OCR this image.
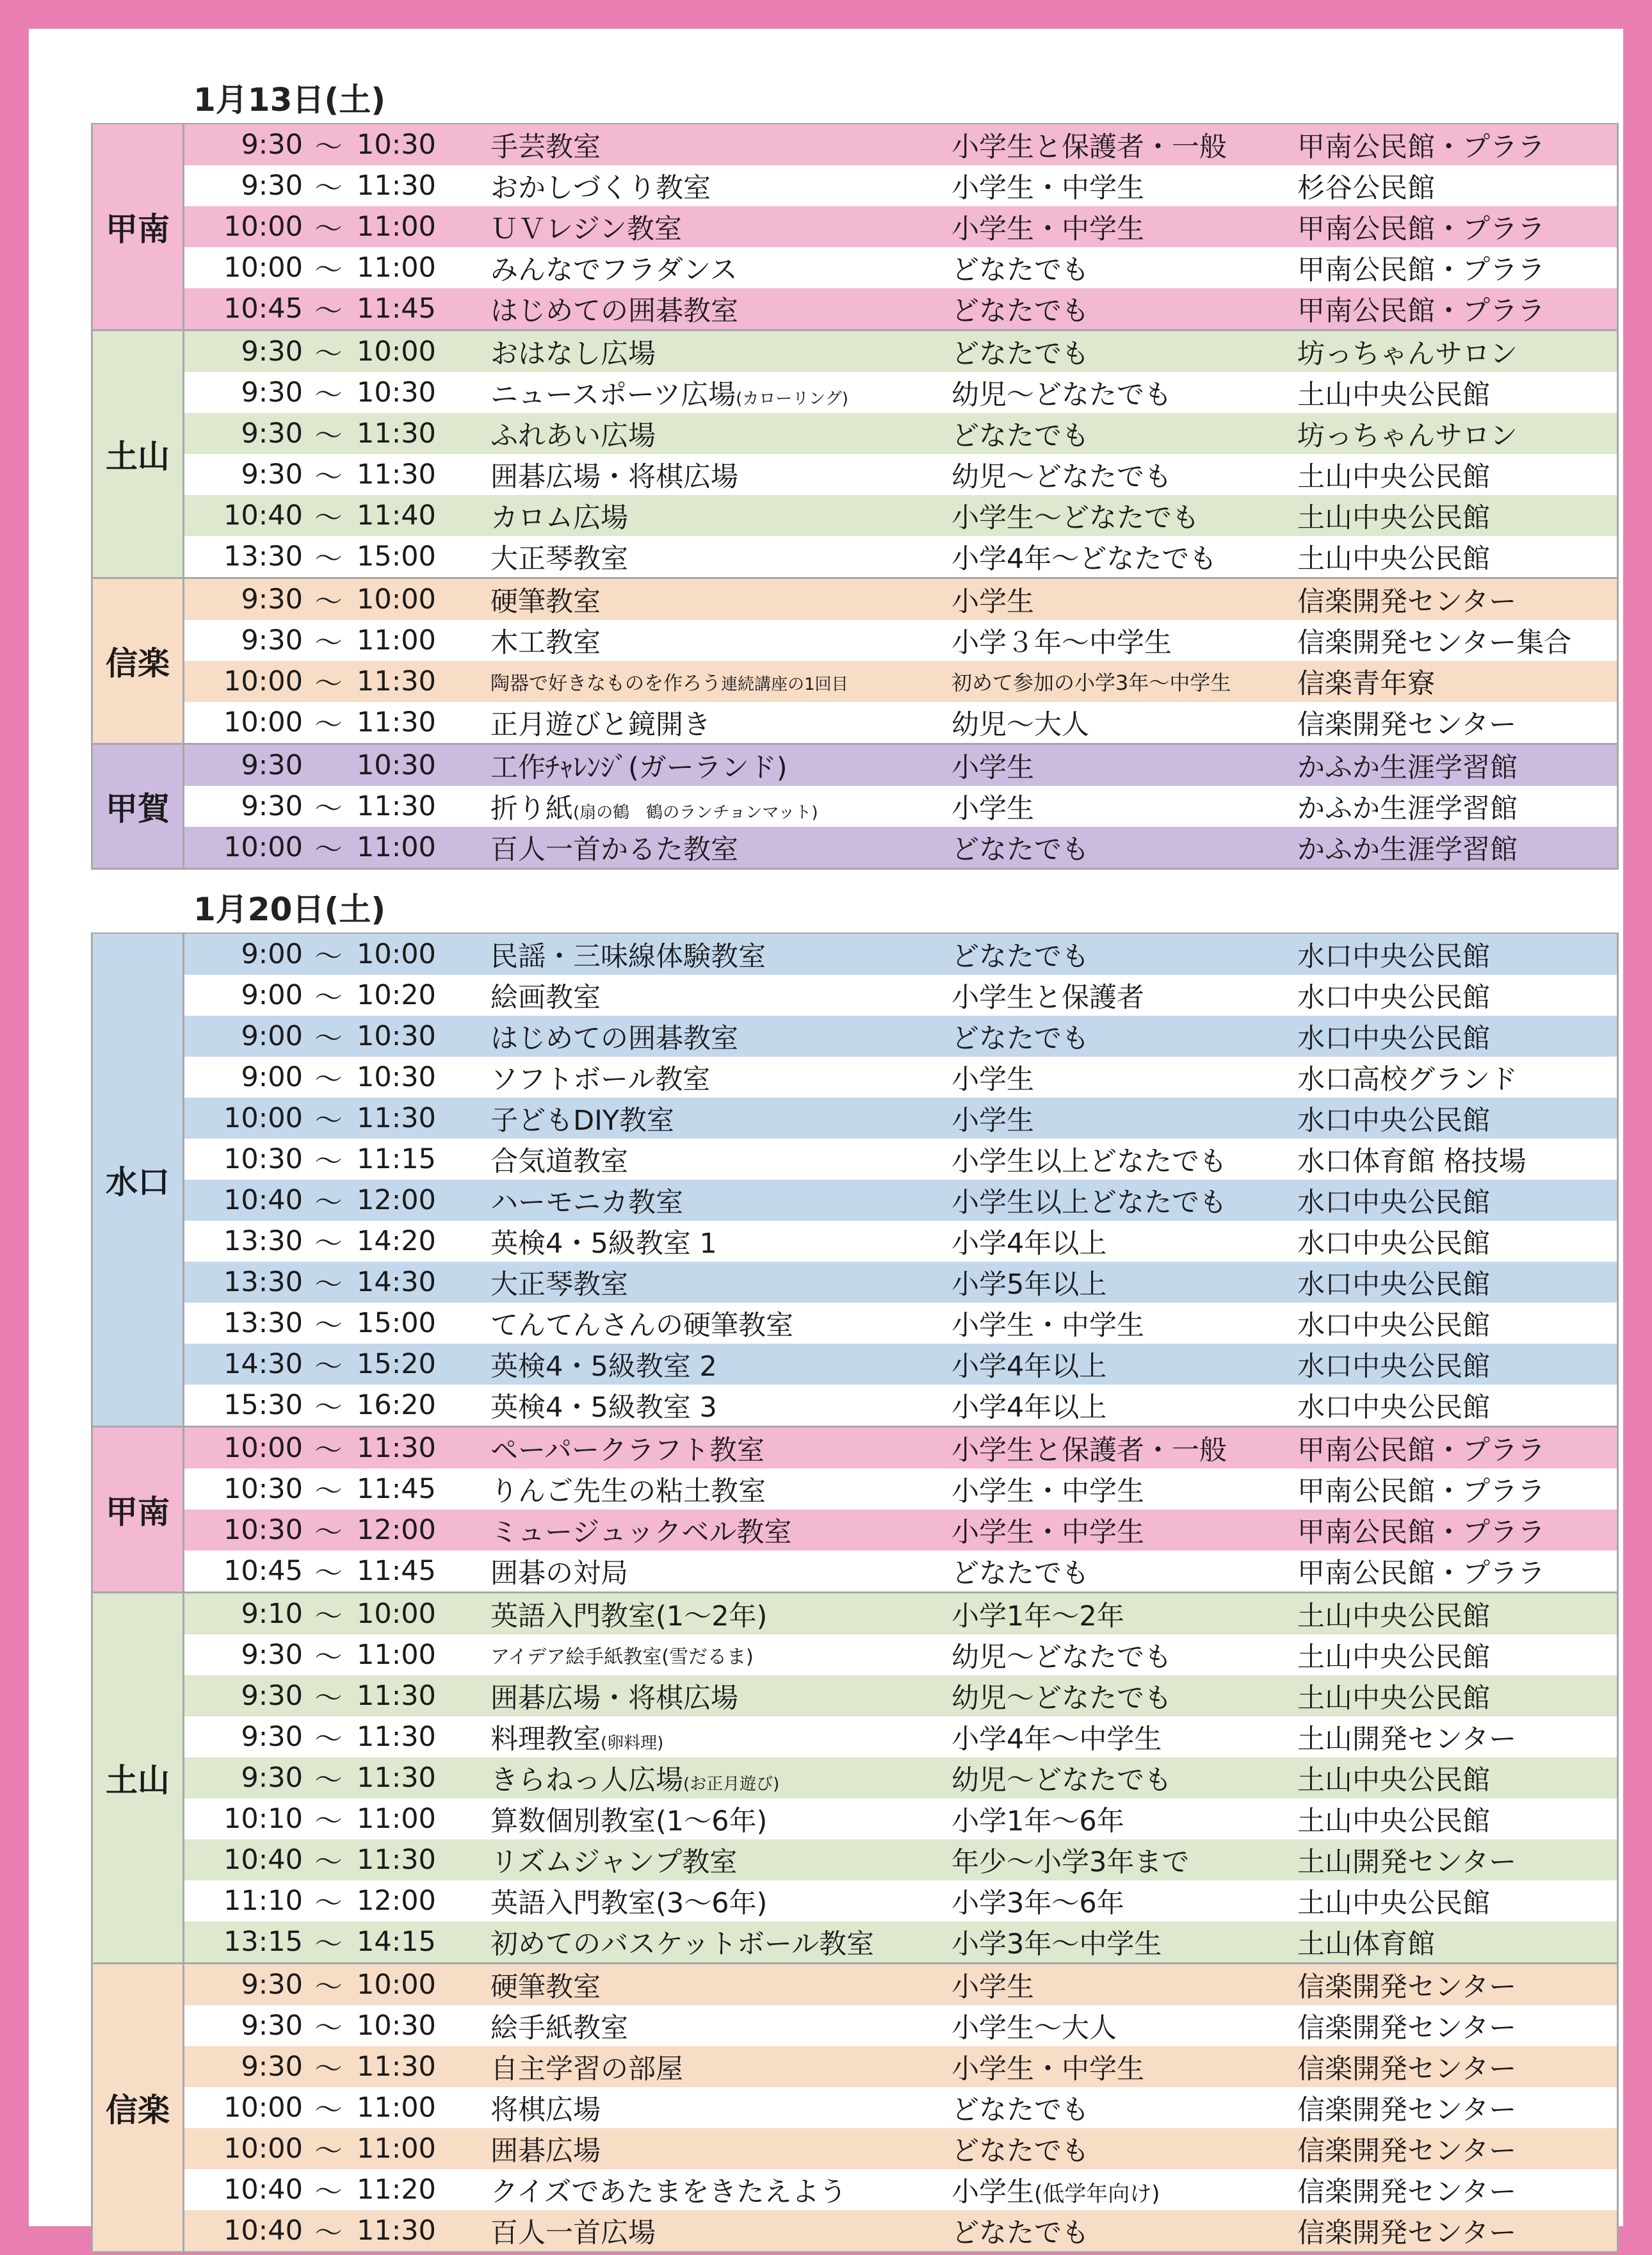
1月13日(土)
甲南
9:30 ～ 10:30	手芸教室	小学生と保護者・一般	甲南公民館・プララ
9:30 ～ 11:30	おかしづくり教室	小学生・中学生	杉谷公民館
10:00 ～ 11:00	ＵＶレジン教室	小学生・中学生	甲南公民館・プララ
10:00 ～ 11:00	みんなでフラダンス	どなたでも	甲南公民館・プララ
10:45 ～ 11:45	はじめての囲碁教室	どなたでも	甲南公民館・プララ
土山
9:30 ～ 10:00	おはなし広場	どなたでも	坊っちゃんサロン
9:30 ～ 10:30	ニュースポーツ広場(カローリング)	幼児～どなたでも	土山中央公民館
9:30 ～ 11:30	ふれあい広場	どなたでも	坊っちゃんサロン
9:30 ～ 11:30	囲碁広場・将棋広場	幼児～どなたでも	土山中央公民館
10:40 ～ 11:40	カロム広場	小学生～どなたでも	土山中央公民館
13:30 ～ 15:00	大正琴教室	小学4年～どなたでも	土山中央公民館
信楽
9:30 ～ 10:00	硬筆教室	小学生	信楽開発センター
9:30 ～ 11:00	木工教室	小学３年～中学生	信楽開発センター集合
10:00 ～ 11:30	陶器で好きなものを作ろう連続講座の1回目	初めて参加の小学3年～中学生	信楽青年寮
10:00 ～ 11:30	正月遊びと鏡開き	幼児～大人	信楽開発センター
甲賀
9:30 10:30	工作ﾁｬﾚﾝｼﾞ(ガーランド)	小学生	かふか生涯学習館
9:30 ～ 11:30	折り紙(扇の鶴　鶴のランチョンマット)	小学生	かふか生涯学習館
10:00 ～ 11:00	百人一首かるた教室	どなたでも	かふか生涯学習館
1月20日(土)
水口
9:00 ～ 10:00	民謡・三味線体験教室	どなたでも	水口中央公民館
9:00 ～ 10:20	絵画教室	小学生と保護者	水口中央公民館
9:00 ～ 10:30	はじめての囲碁教室	どなたでも	水口中央公民館
9:00 ～ 10:30	ソフトボール教室	小学生	水口高校グランド
10:00 ～ 11:30	子どもDIY教室	小学生	水口中央公民館
10:30 ～ 11:15	合気道教室	小学生以上どなたでも	水口体育館 格技場
10:40 ～ 12:00	ハーモニカ教室	小学生以上どなたでも	水口中央公民館
13:30 ～ 14:20	英検4・5級教室 1	小学4年以上	水口中央公民館
13:30 ～ 14:30	大正琴教室	小学5年以上	水口中央公民館
13:30 ～ 15:00	てんてんさんの硬筆教室	小学生・中学生	水口中央公民館
14:30 ～ 15:20	英検4・5級教室 2	小学4年以上	水口中央公民館
15:30 ～ 16:20	英検4・5級教室 3	小学4年以上	水口中央公民館
甲南
10:00 ～ 11:30	ペーパークラフト教室	小学生と保護者・一般	甲南公民館・プララ
10:30 ～ 11:45	りんご先生の粘土教室	小学生・中学生	甲南公民館・プララ
10:30 ～ 12:00	ミュージュックベル教室	小学生・中学生	甲南公民館・プララ
10:45 ～ 11:45	囲碁の対局	どなたでも	甲南公民館・プララ
土山
9:10 ～ 10:00	英語入門教室(1～2年)	小学1年～2年	土山中央公民館
9:30 ～ 11:00	アイデア絵手紙教室(雪だるま)	幼児～どなたでも	土山中央公民館
9:30 ～ 11:30	囲碁広場・将棋広場	幼児～どなたでも	土山中央公民館
9:30 ～ 11:30	料理教室(卵料理)	小学4年～中学生	土山開発センター
9:30 ～ 11:30	きらねっ人広場(お正月遊び)	幼児～どなたでも	土山中央公民館
10:10 ～ 11:00	算数個別教室(1～6年)	小学1年～6年	土山中央公民館
10:40 ～ 11:30	リズムジャンプ教室	年少～小学3年まで	土山開発センター
11:10 ～ 12:00	英語入門教室(3～6年)	小学3年～6年	土山中央公民館
13:15 ～ 14:15	初めてのバスケットボール教室	小学3年～中学生	土山体育館
信楽
9:30 ～ 10:00	硬筆教室	小学生	信楽開発センター
9:30 ～ 10:30	絵手紙教室	小学生～大人	信楽開発センター
9:30 ～ 11:30	自主学習の部屋	小学生・中学生	信楽開発センター
10:00 ～ 11:00	将棋広場	どなたでも	信楽開発センター
10:00 ～ 11:00	囲碁広場	どなたでも	信楽開発センター
10:40 ～ 11:20	クイズであたまをきたえよう	小学生(低学年向け)	信楽開発センター
10:40 ～ 11:30	百人一首広場	どなたでも	信楽開発センター
